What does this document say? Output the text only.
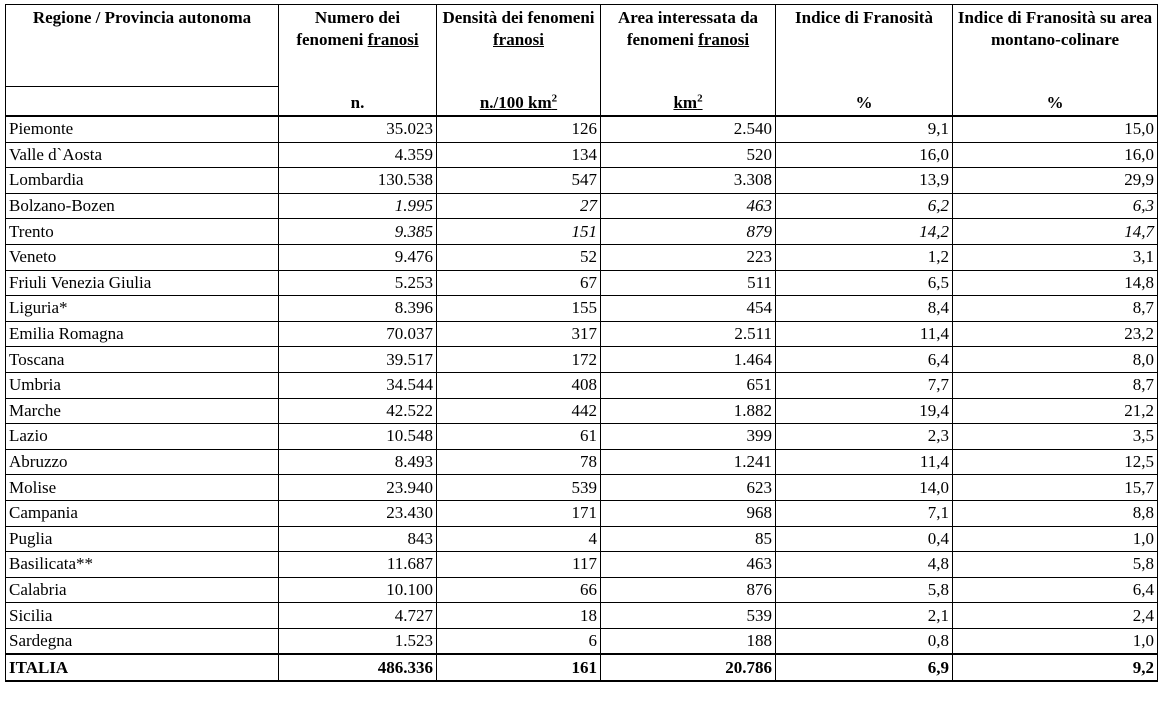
Regione / Provincia autonoma	Numero dei fenomeni franosi	Densità dei fenomeni franosi	Area interessata da fenomeni franosi	Indice di Franosità	Indice di Franosità su area montano-colinare
	n.	n./100 $km^2$	$km^2$	%	%
Piemonte	35.023	126	2.540	9,1	15,0
Valle d`Aosta	4.359	134	520	16,0	16,0
Lombardia	130.538	547	3.308	13,9	29,9
Bolzano-Bozen	1.995	27	463	6,2	6,3
Trento	9.385	151	879	14,2	14,7
Veneto	9.476	52	223	1,2	3,1
Friuli Venezia Giulia	5.253	67	511	6,5	14,8
Liguria*	8.396	155	454	8,4	8,7
Emilia Romagna	70.037	317	2.511	11,4	23,2
Toscana	39.517	172	1.464	6,4	8,0
Umbria	34.544	408	651	7,7	8,7
Marche	42.522	442	1.882	19,4	21,2
Lazio	10.548	61	399	2,3	3,5
Abruzzo	8.493	78	1.241	11,4	12,5
Molise	23.940	539	623	14,0	15,7
Campania	23.430	171	968	7,1	8,8
Puglia	843	4	85	0,4	1,0
Basilicata**	11.687	117	463	4,8	5,8
Calabria	10.100	66	876	5,8	6,4
Sicilia	4.727	18	539	2,1	2,4
Sardegna	1.523	6	188	0,8	1,0
ITALIA	486.336	161	20.786	6,9	9,2
